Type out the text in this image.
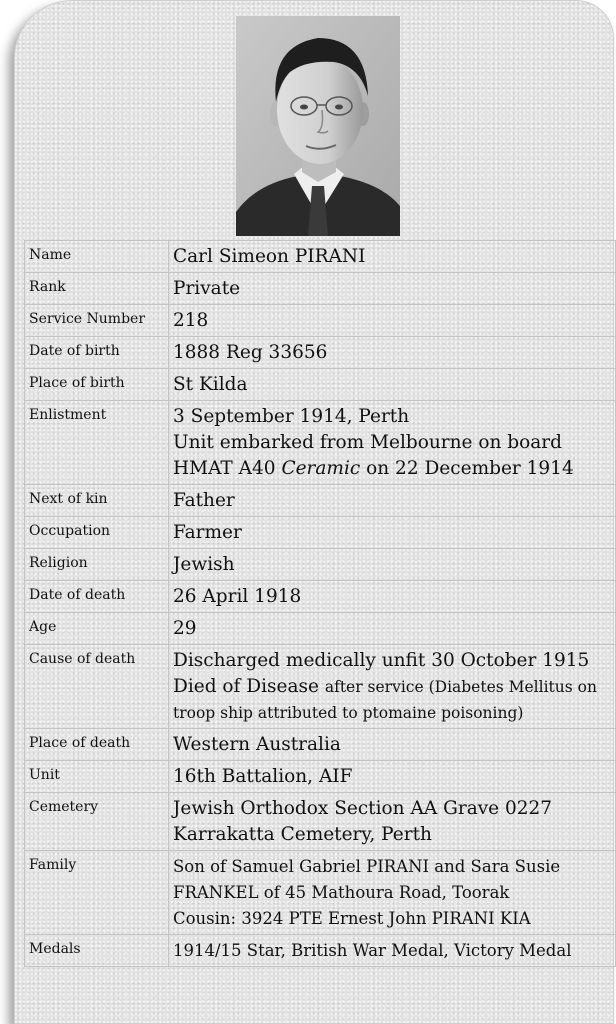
Name	Carl Simeon PIRANI

Rank	Private

Service Number	218

Date of birth	1888 Reg 33656

Place of birth	St Kilda

Enlistment	3 September 1914, Perth
Unit embarked from Melbourne on board
HMAT A40 Ceramic on 22 December 1914

Next of kin	Father

Occupation	Farmer

Religion	Jewish

Date of death	26 April 1918

Age	29

Cause of death	Discharged medically unfit 30 October 1915
Died of Disease after service (Diabetes Mellitus on
troop ship attributed to ptomaine poisoning)

Place of death	Western Australia

Unit	16th Battalion, AIF

Cemetery	Jewish Orthodox Section AA Grave 0227
Karrakatta Cemetery, Perth

Family	Son of Samuel Gabriel PIRANI and Sara Susie
FRANKEL of 45 Mathoura Road, Toorak
Cousin: 3924 PTE Ernest John PIRANI KIA

Medals	1914/15 Star, British War Medal, Victory Medal
